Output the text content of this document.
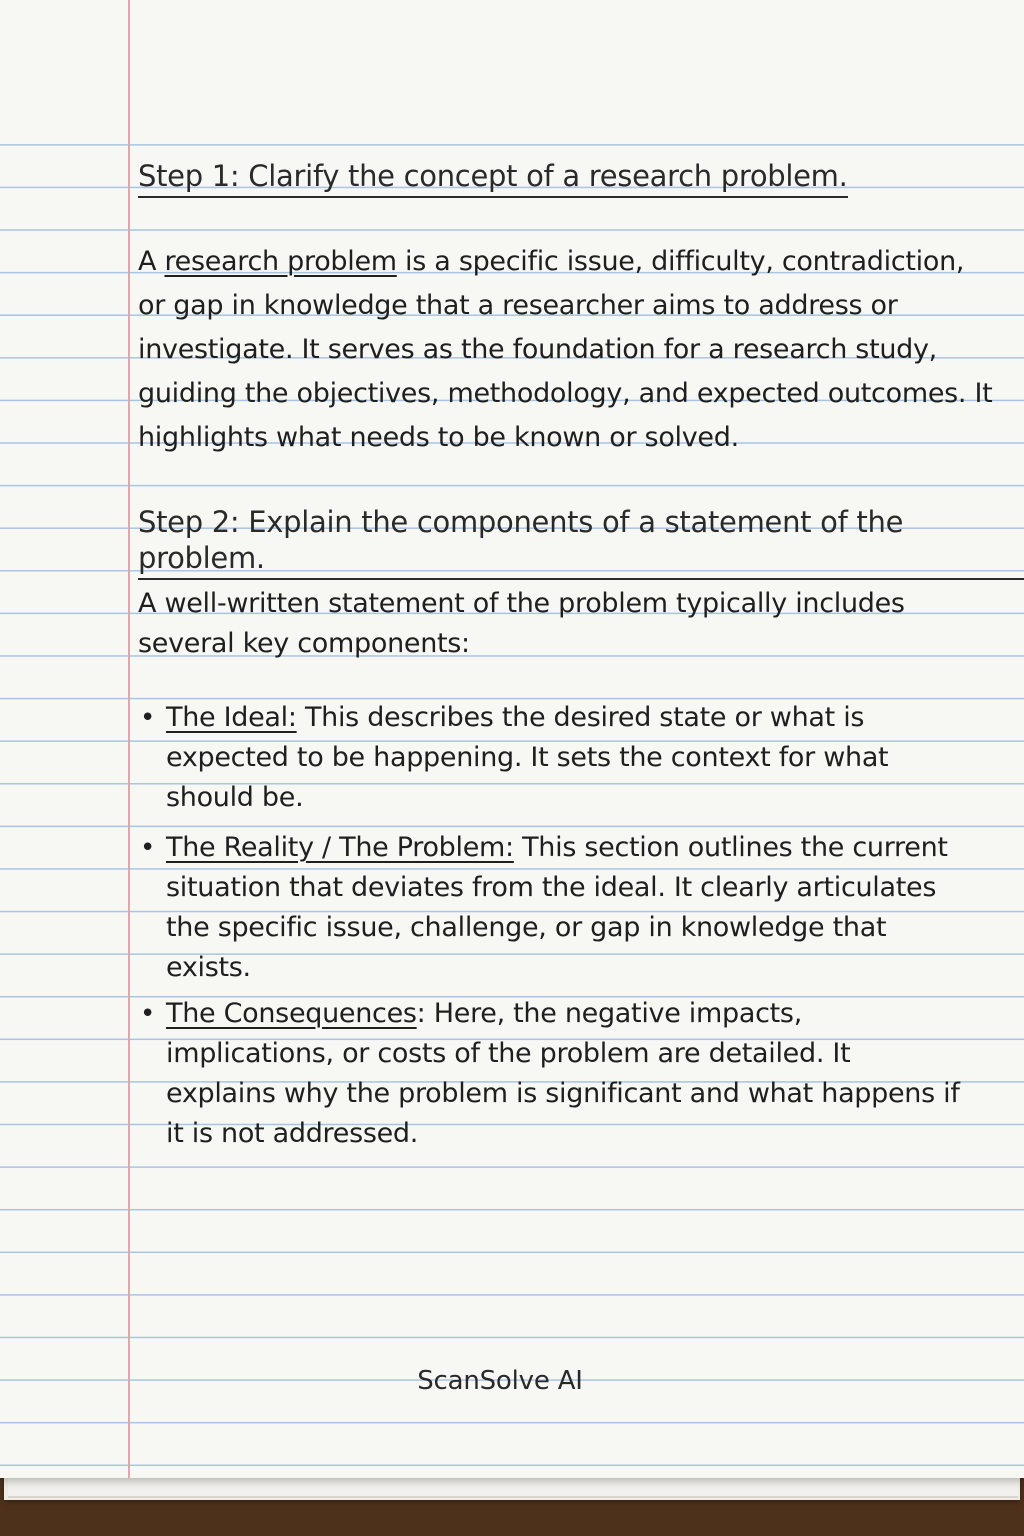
Step 1: Clarify the concept of a research problem.
A research problem is a specific issue, difficulty, contradiction, or gap in knowledge that a researcher aims to address or investigate. It serves as the foundation for a research study, guiding the objectives, methodology, and expected outcomes. It highlights what needs to be known or solved.
Step 2: Explain the components of a statement of the problem.
A well-written statement of the problem typically includes several key components:
• The Ideal: This describes the desired state or what is expected to be happening. It sets the context for what should be.
• The Reality / The Problem: This section outlines the current situation that deviates from the ideal. It clearly articulates the specific issue, challenge, or gap in knowledge that exists.
• The Consequences: Here, the negative impacts, implications, or costs of the problem are detailed. It explains why the problem is significant and what happens if it is not addressed.
ScanSolve AI
